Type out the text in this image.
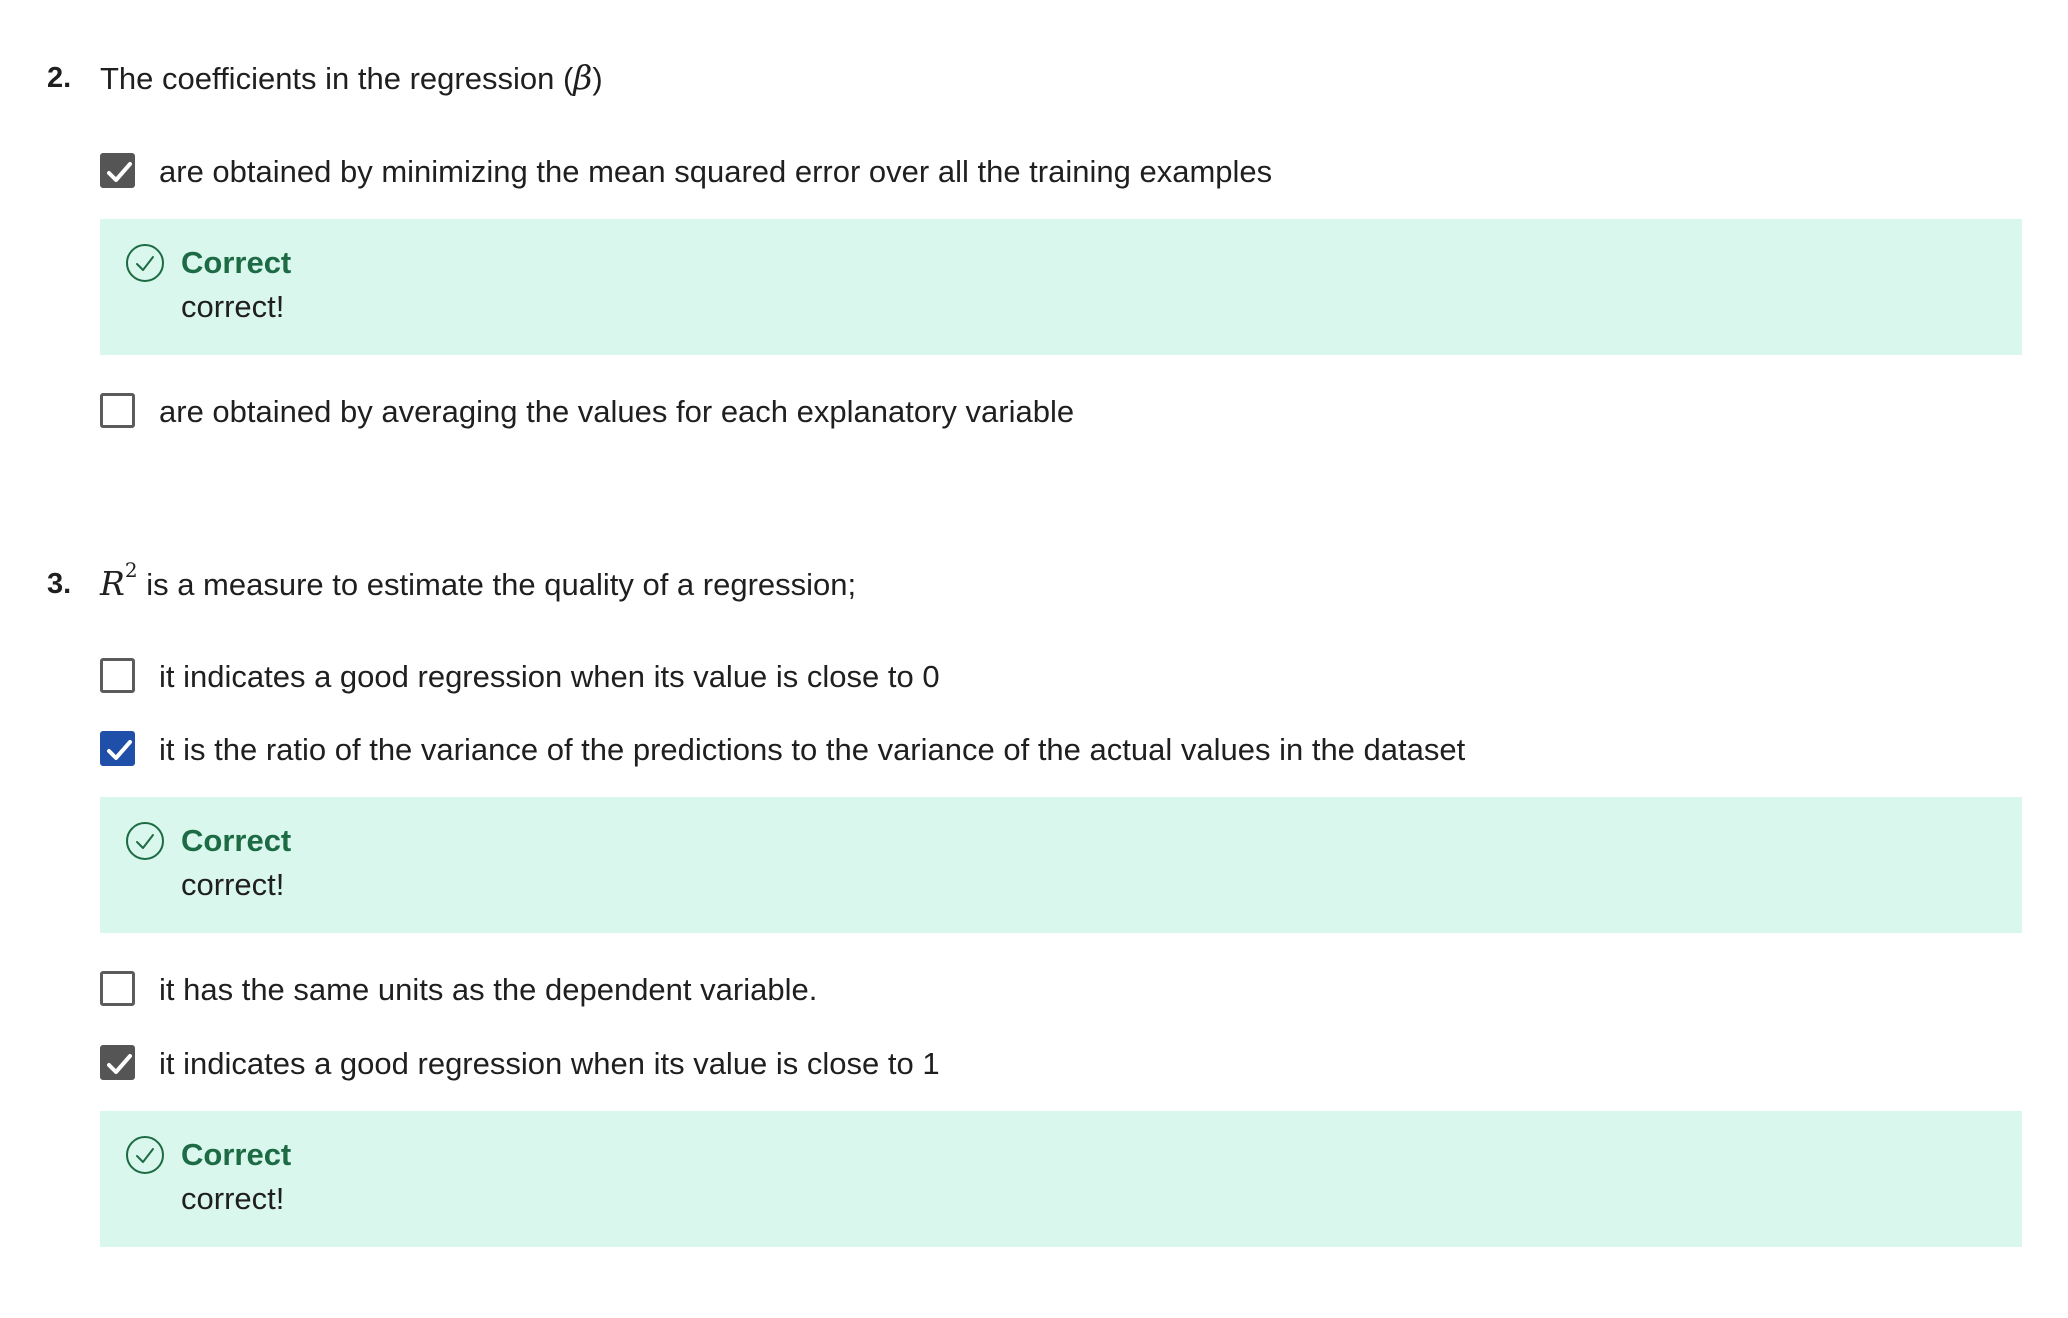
2. The coefficients in the regression (β)
are obtained by minimizing the mean squared error over all the training examples
Correct
correct!
are obtained by averaging the values for each explanatory variable
3. $R^2$ is a measure to estimate the quality of a regression;
it indicates a good regression when its value is close to 0
it is the ratio of the variance of the predictions to the variance of the actual values in the dataset
Correct
correct!
it has the same units as the dependent variable.
it indicates a good regression when its value is close to 1
Correct
correct!
